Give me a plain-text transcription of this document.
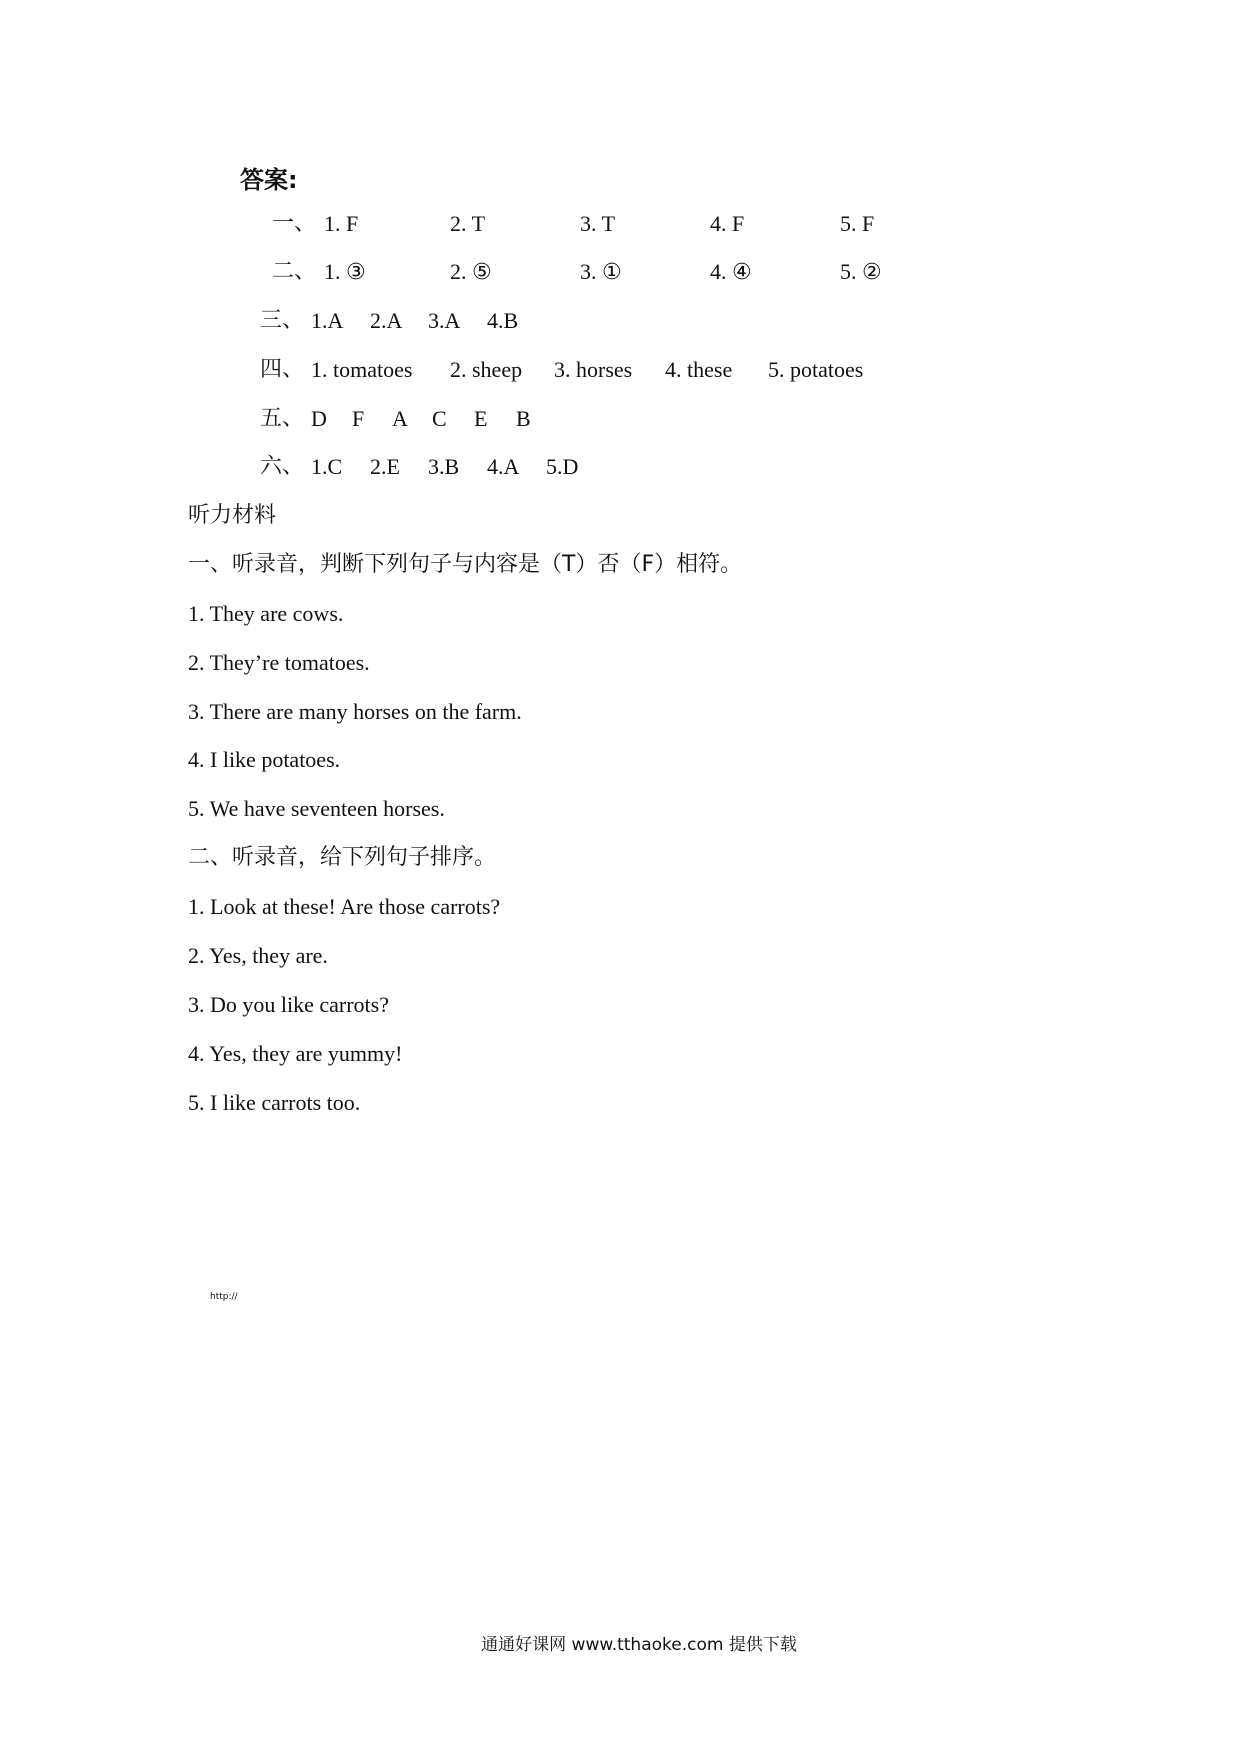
答案:
一、 1. F	2. T	3. T	4. F	5. F
二、 1. ③	2. ⑤	3. ①	4. ④	5. ②
三、 1.A 2.A 3.A 4.B
四、 1. tomatoes 2. sheep 3. horses 4. these 5. potatoes
五、 D F A C E B
六、 1.C 2.E 3.B 4.A 5.D
听力材料
一、听录音，判断下列句子与内容是（T）否（F）相符。
1. They are cows.
2. They’re tomatoes.
3. There are many horses on the farm.
4. I like potatoes.
5. We have seventeen horses.
二、听录音，给下列句子排序。
1. Look at these! Are those carrots?
2. Yes, they are.
3. Do you like carrots?
4. Yes, they are yummy!
5. I like carrots too.
http://
通通好课网 www.tthaoke.com 提供下载
